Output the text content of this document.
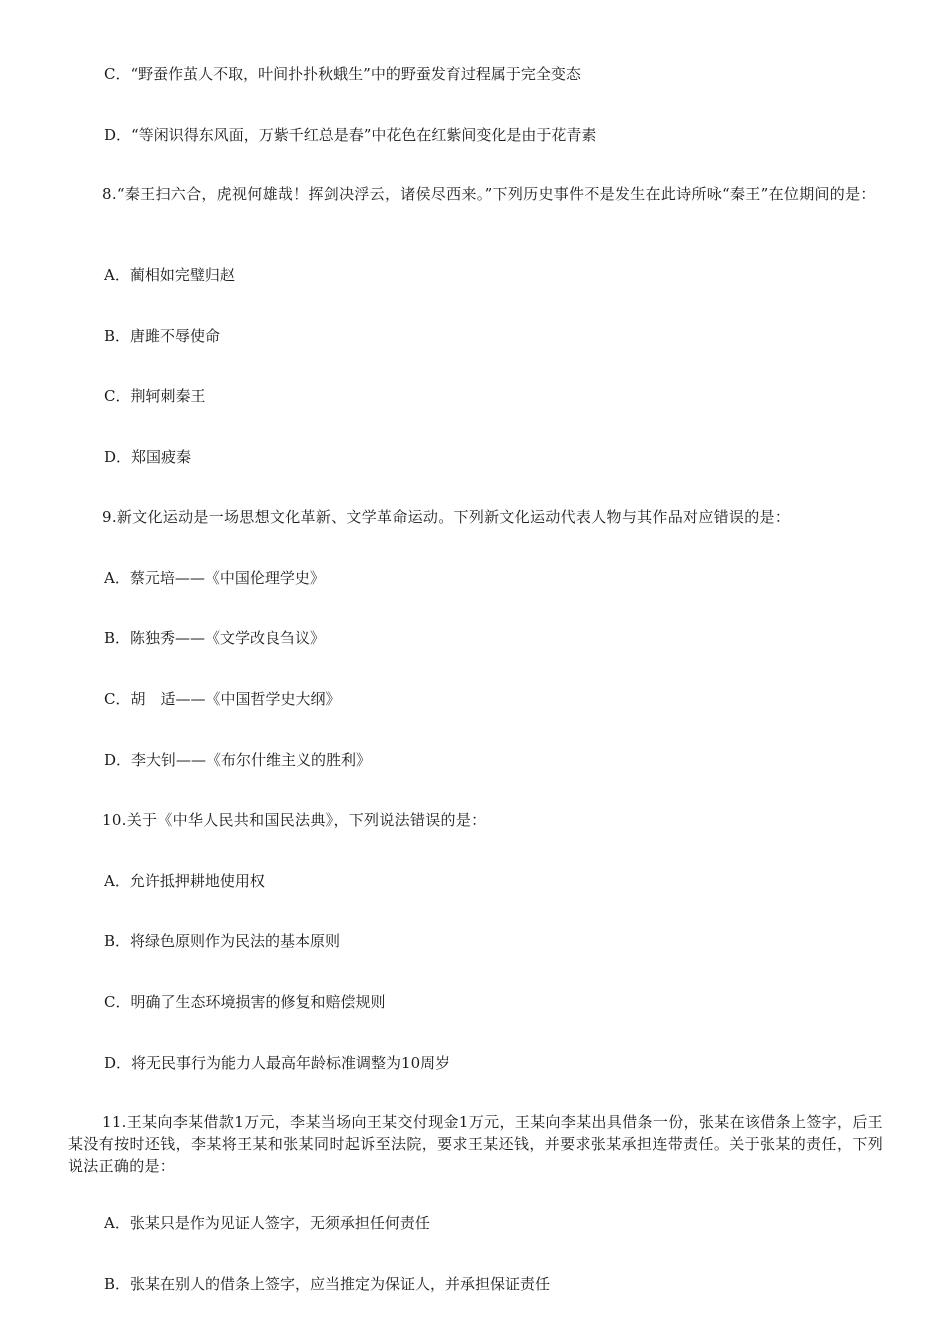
C．“野蚕作茧人不取，叶间扑扑秋蛾生”中的野蚕发育过程属于完全变态
D．“等闲识得东风面，万紫千红总是春”中花色在红紫间变化是由于花青素
8.“秦王扫六合，虎视何雄哉！挥剑决浮云，诸侯尽西来。”下列历史事件不是发生在此诗所咏“秦王”在位期间的是：
A．蔺相如完璧归赵
B．唐雎不辱使命
C．荆轲刺秦王
D．郑国疲秦
9.新文化运动是一场思想文化革新、文学革命运动。下列新文化运动代表人物与其作品对应错误的是：
A．蔡元培——《中国伦理学史》
B．陈独秀——《文学改良刍议》
C．胡　适——《中国哲学史大纲》
D．李大钊——《布尔什维主义的胜利》
10.关于《中华人民共和国民法典》，下列说法错误的是：
A．允许抵押耕地使用权
B．将绿色原则作为民法的基本原则
C．明确了生态环境损害的修复和赔偿规则
D．将无民事行为能力人最高年龄标准调整为10周岁
11.王某向李某借款1万元，李某当场向王某交付现金1万元，王某向李某出具借条一份，张某在该借条上签字，后王某没有按时还钱，李某将王某和张某同时起诉至法院，要求王某还钱，并要求张某承担连带责任。关于张某的责任，下列说法正确的是：
A．张某只是作为见证人签字，无须承担任何责任
B．张某在别人的借条上签字，应当推定为保证人，并承担保证责任
